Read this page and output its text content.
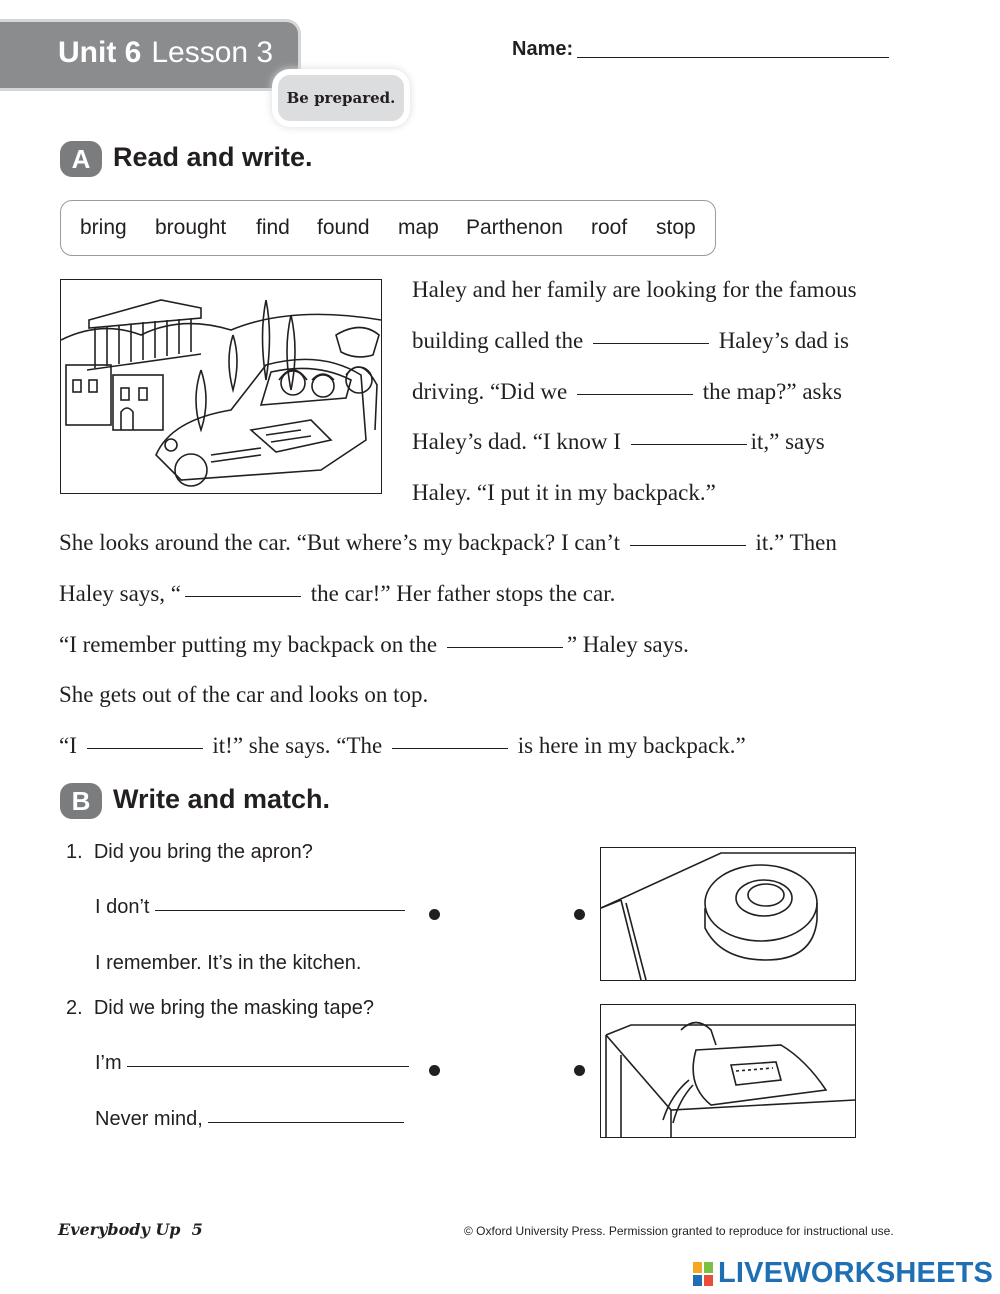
Unit 6 Lesson 3
Be prepared.
Name:
A Read and write.
bring brought find found map Parthenon roof stop
Haley and her family are looking for the famous
building called the	Haley’s dad is
driving. “Did we	the map?” asks
Haley’s dad. “I know I	it,” says
Haley. “I put it in my backpack.”
She looks around the car. “But where’s my backpack? I can’t	it.” Then
Haley says, “	the car!” Her father stops the car.
“I remember putting my backpack on the	” Haley says.
She gets out of the car and looks on top.
“I	it!” she says. “The	is here in my backpack.”
B Write and match.
1. Did you bring the apron?
I don’t
I remember. It’s in the kitchen.
2. Did we bring the masking tape?
I’m
Never mind,
Everybody Up 5	© Oxford University Press. Permission granted to reproduce for instructional use.
LIVEWORKSHEETS
